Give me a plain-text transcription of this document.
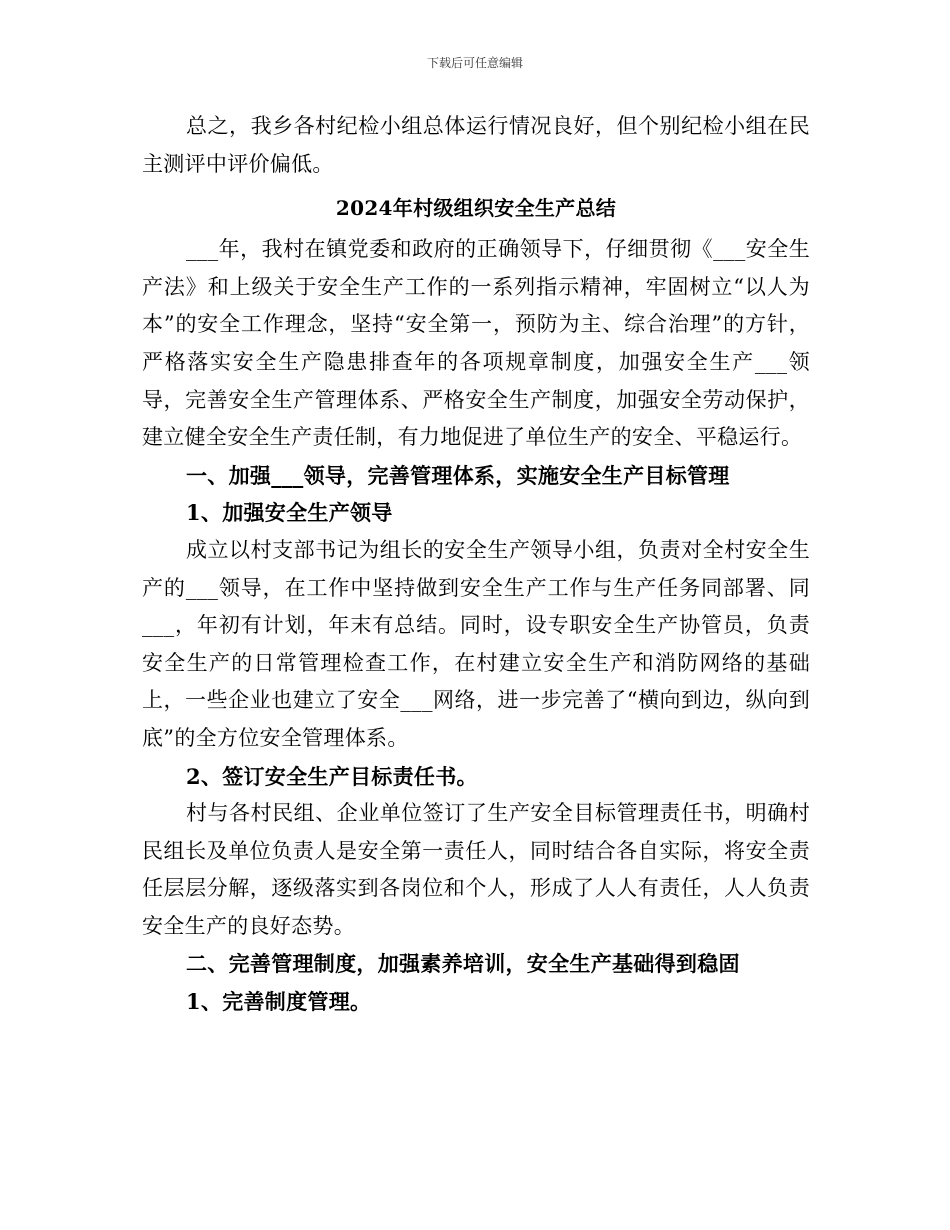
下载后可任意编辑

总之，我乡各村纪检小组总体运行情况良好，但个别纪检小组在民主测评中评价偏低。

2024年村级组织安全生产总结

___年，我村在镇党委和政府的正确领导下，仔细贯彻《___安全生产法》和上级关于安全生产工作的一系列指示精神，牢固树立“以人为本”的安全工作理念，坚持“安全第一，预防为主、综合治理”的方针，严格落实安全生产隐患排查年的各项规章制度，加强安全生产___领导，完善安全生产管理体系、严格安全生产制度，加强安全劳动保护，建立健全安全生产责任制，有力地促进了单位生产的安全、平稳运行。

一、加强___领导，完善管理体系，实施安全生产目标管理

1、加强安全生产领导

成立以村支部书记为组长的安全生产领导小组，负责对全村安全生产的___领导，在工作中坚持做到安全生产工作与生产任务同部署、同___，年初有计划，年末有总结。同时，设专职安全生产协管员，负责安全生产的日常管理检查工作，在村建立安全生产和消防网络的基础上，一些企业也建立了安全___网络，进一步完善了“横向到边，纵向到底”的全方位安全管理体系。

2、签订安全生产目标责任书。

村与各村民组、企业单位签订了生产安全目标管理责任书，明确村民组长及单位负责人是安全第一责任人，同时结合各自实际，将安全责任层层分解，逐级落实到各岗位和个人，形成了人人有责任，人人负责安全生产的良好态势。

二、完善管理制度，加强素养培训，安全生产基础得到稳固

1、完善制度管理。
